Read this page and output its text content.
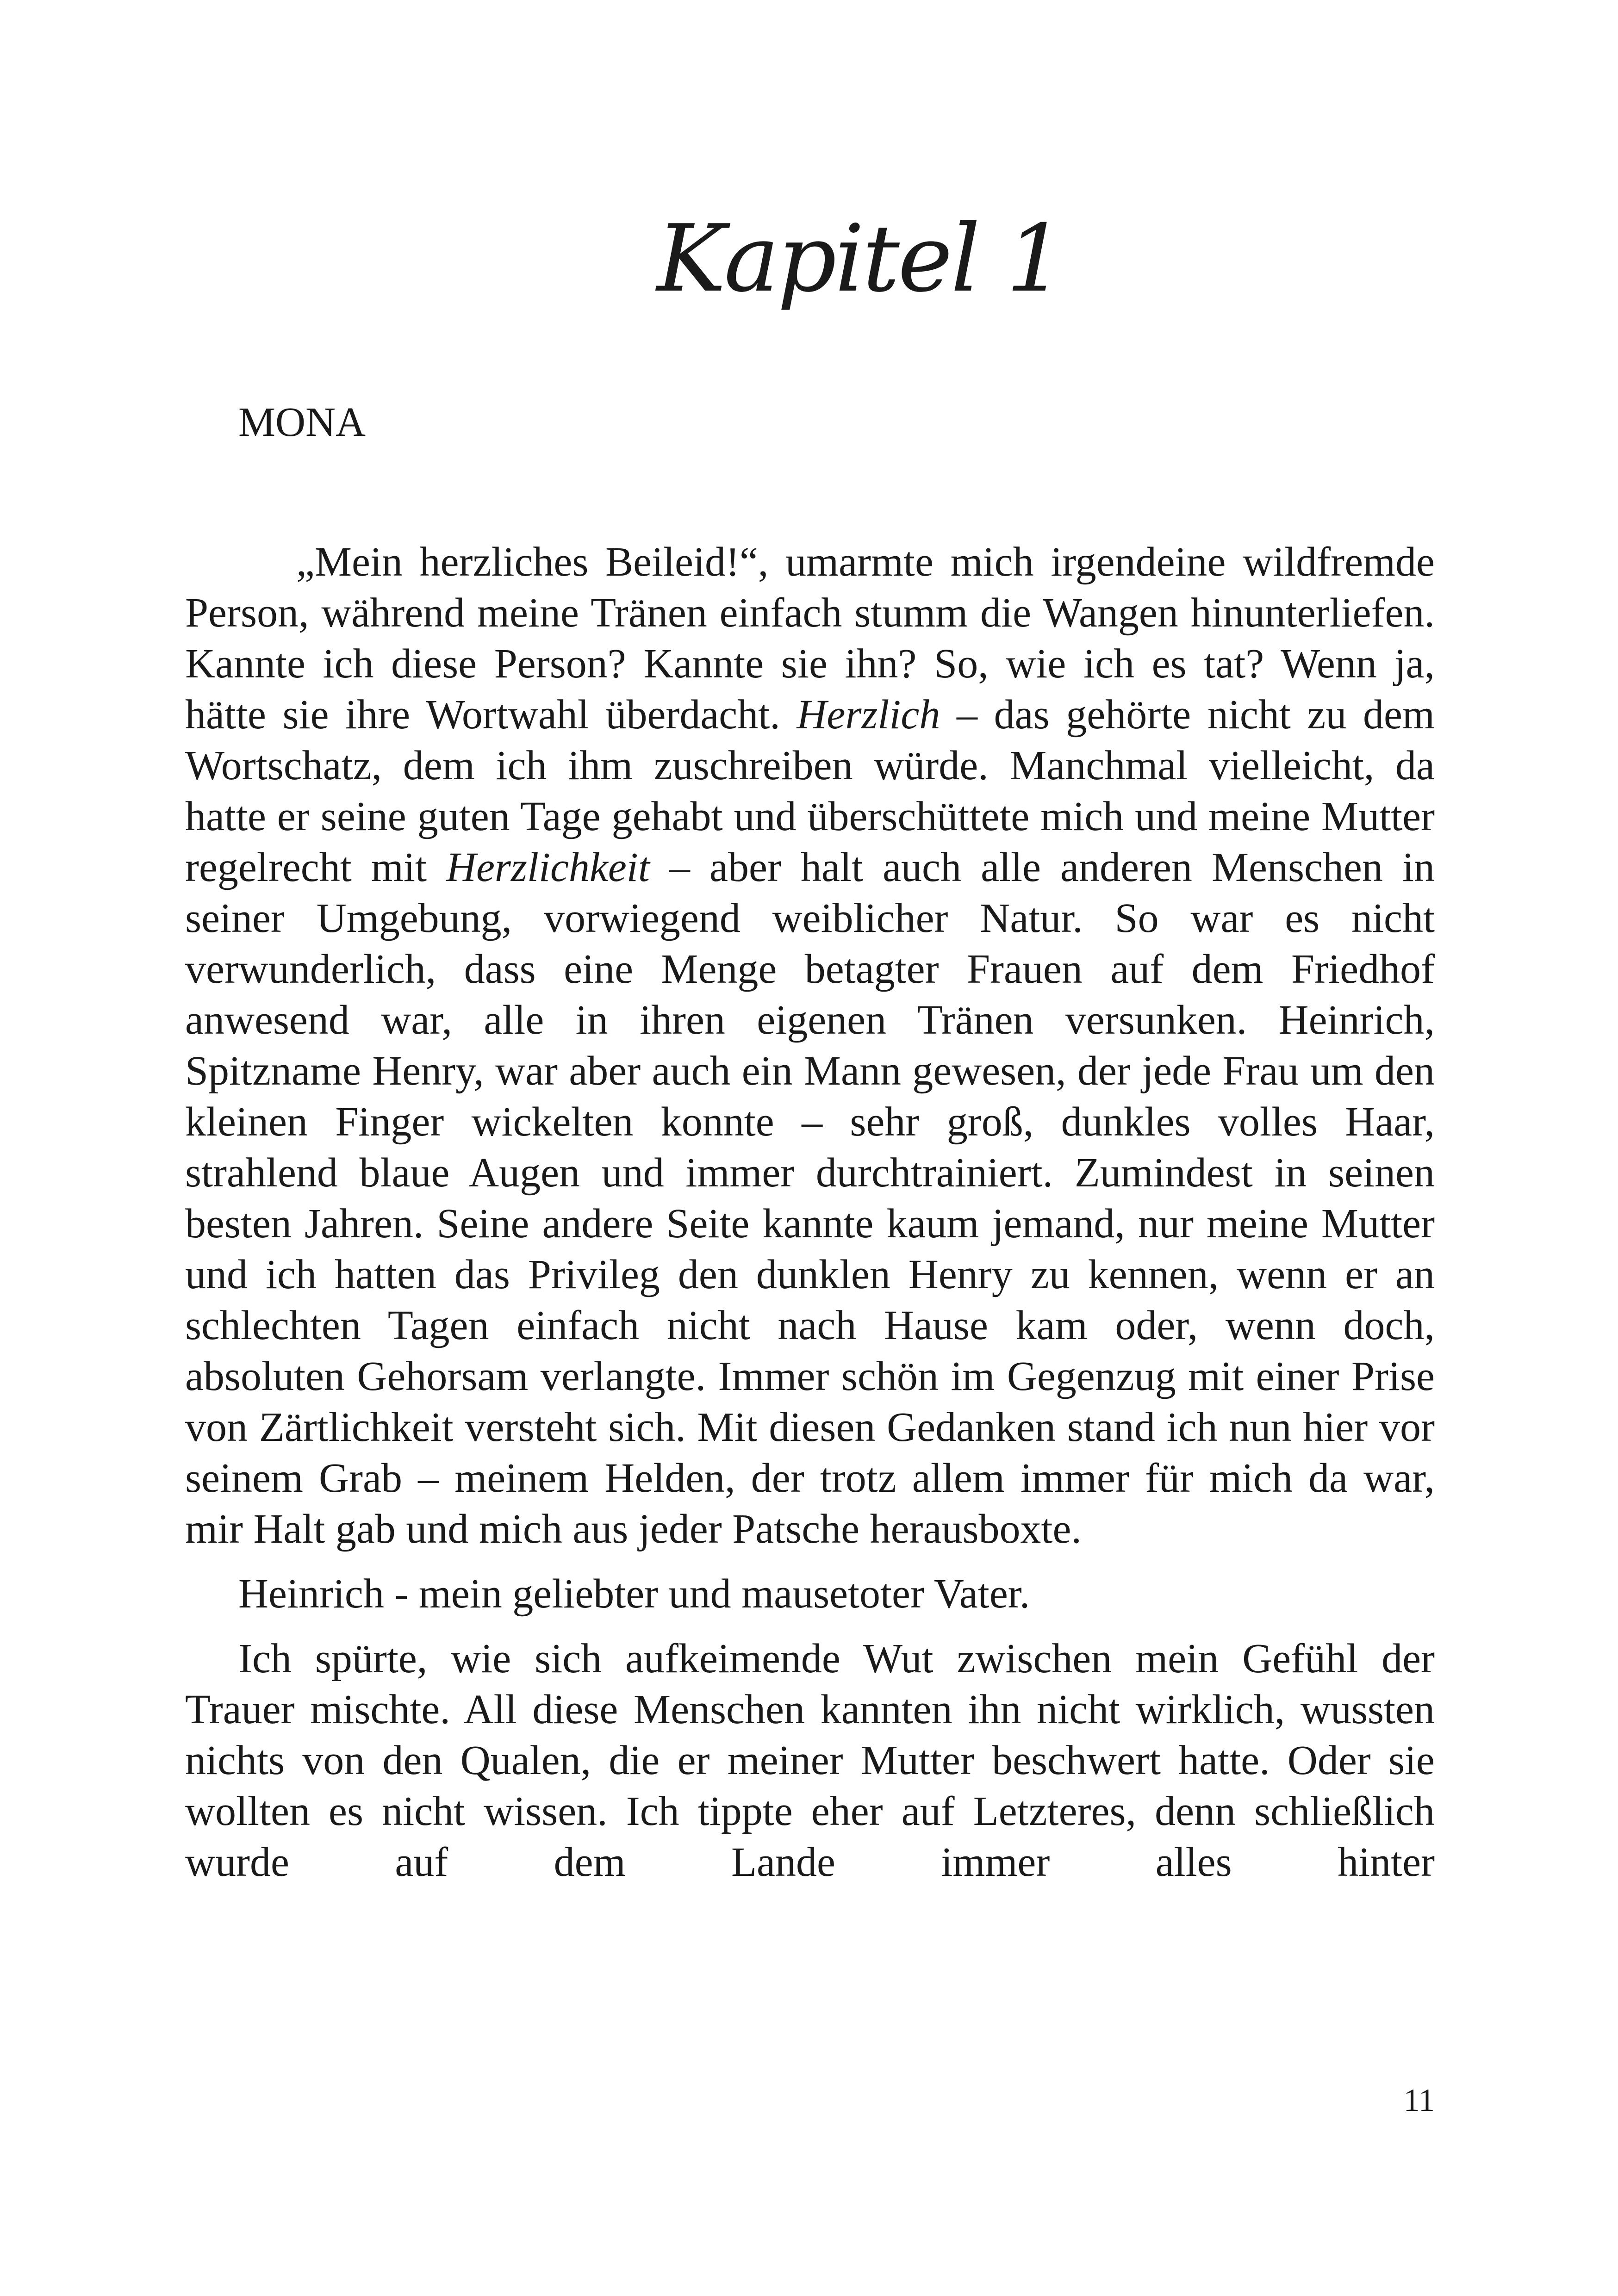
Kapitel 1
MONA

„Mein herzliches Beileid!“, umarmte mich irgendeine wildfremde Person, während meine Tränen einfach stumm die Wangen hinunterliefen. Kannte ich diese Person? Kannte sie ihn? So, wie ich es tat? Wenn ja, hätte sie ihre Wortwahl überdacht. Herzlich – das gehörte nicht zu dem Wortschatz, dem ich ihm zuschreiben würde. Manchmal vielleicht, da hatte er seine guten Tage gehabt und überschüttete mich und meine Mutter regelrecht mit Herzlichkeit – aber halt auch alle anderen Menschen in seiner Umgebung, vorwiegend weiblicher Natur. So war es nicht verwunderlich, dass eine Menge betagter Frauen auf dem Friedhof anwesend war, alle in ihren eigenen Tränen versunken. Heinrich, Spitzname Henry, war aber auch ein Mann gewesen, der jede Frau um den kleinen Finger wickelten konnte – sehr groß, dunkles volles Haar, strahlend blaue Augen und immer durchtrainiert. Zumindest in seinen besten Jahren. Seine andere Seite kannte kaum jemand, nur meine Mutter und ich hatten das Privileg den dunklen Henry zu kennen, wenn er an schlechten Tagen einfach nicht nach Hause kam oder, wenn doch, absoluten Gehorsam verlangte. Immer schön im Gegenzug mit einer Prise von Zärtlichkeit versteht sich. Mit diesen Gedanken stand ich nun hier vor seinem Grab – meinem Helden, der trotz allem immer für mich da war, mir Halt gab und mich aus jeder Patsche herausboxte.

Heinrich - mein geliebter und mausetoter Vater.

Ich spürte, wie sich aufkeimende Wut zwischen mein Gefühl der Trauer mischte. All diese Menschen kannten ihn nicht wirklich, wussten nichts von den Qualen, die er meiner Mutter beschwert hatte. Oder sie wollten es nicht wissen. Ich tippte eher auf Letzteres, denn schließlich wurde auf dem Lande immer alles hinter

11
